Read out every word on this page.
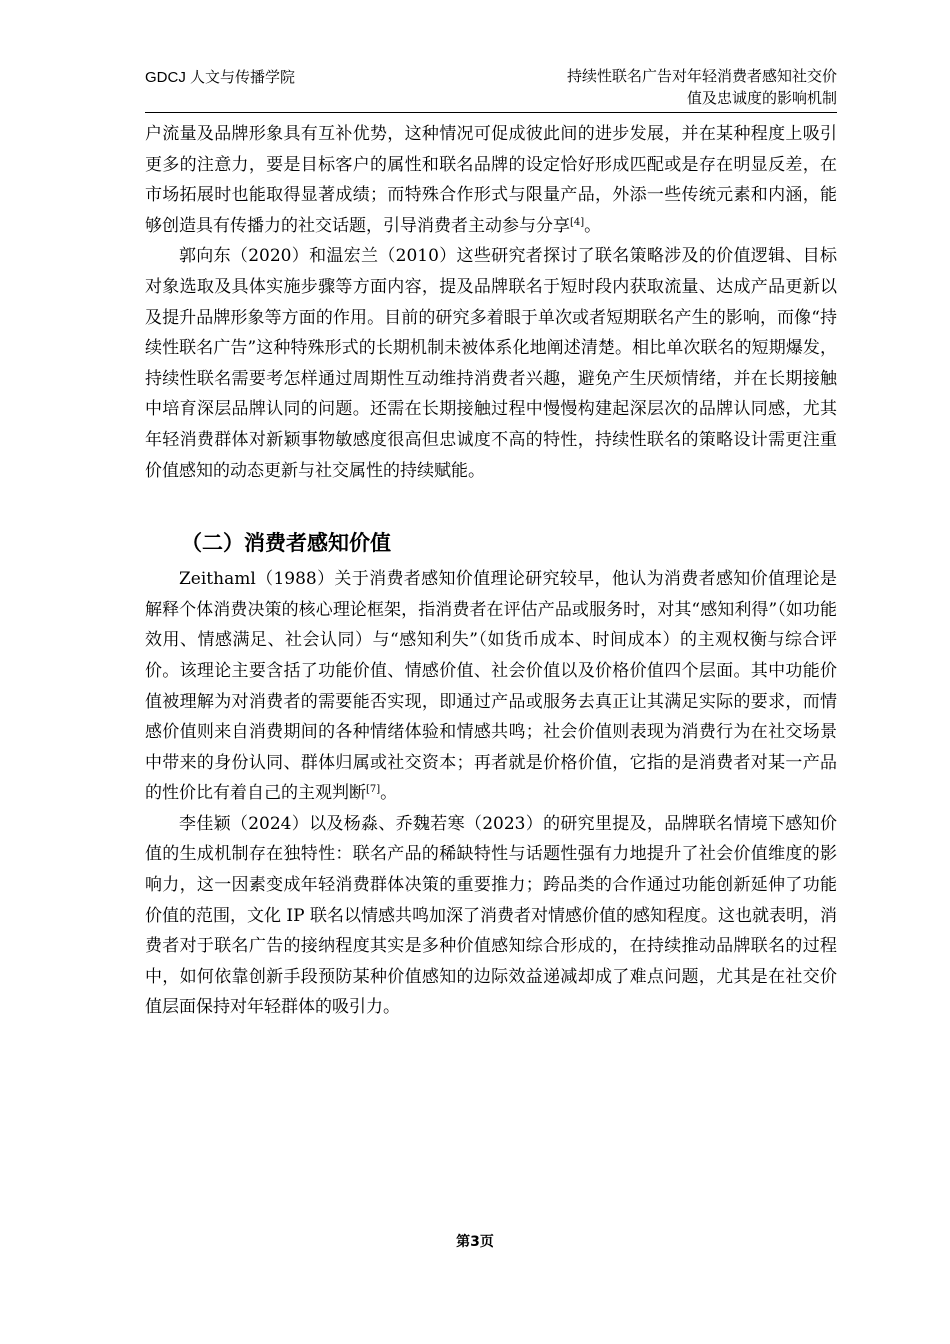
GDCJ 人文与传播学院	持续性联名广告对年轻消费者感知社交价
值及忠诚度的影响机制

户流量及品牌形象具有互补优势，这种情况可促成彼此间的进步发展，并在某种程度上吸引更多的注意力，要是目标客户的属性和联名品牌的设定恰好形成匹配或是存在明显反差，在市场拓展时也能取得显著成绩；而特殊合作形式与限量产品，外添一些传统元素和内涵，能够创造具有传播力的社交话题，引导消费者主动参与分享[4]。

郭向东（2020）和温宏兰（2010）这些研究者探讨了联名策略涉及的价值逻辑、目标对象选取及具体实施步骤等方面内容，提及品牌联名于短时段内获取流量、达成产品更新以及提升品牌形象等方面的作用。目前的研究多着眼于单次或者短期联名产生的影响，而像“持续性联名广告”这种特殊形式的长期机制未被体系化地阐述清楚。相比单次联名的短期爆发，持续性联名需要考怎样通过周期性互动维持消费者兴趣，避免产生厌烦情绪，并在长期接触中培育深层品牌认同的问题。还需在长期接触过程中慢慢构建起深层次的品牌认同感，尤其年轻消费群体对新颖事物敏感度很高但忠诚度不高的特性，持续性联名的策略设计需更注重价值感知的动态更新与社交属性的持续赋能。

（二）消费者感知价值

Zeithaml（1988）关于消费者感知价值理论研究较早，他认为消费者感知价值理论是解释个体消费决策的核心理论框架，指消费者在评估产品或服务时，对其“感知利得”（如功能效用、情感满足、社会认同）与“感知利失”（如货币成本、时间成本）的主观权衡与综合评价。该理论主要含括了功能价值、情感价值、社会价值以及价格价值四个层面。其中功能价值被理解为对消费者的需要能否实现，即通过产品或服务去真正让其满足实际的要求，而情感价值则来自消费期间的各种情绪体验和情感共鸣；社会价值则表现为消费行为在社交场景中带来的身份认同、群体归属或社交资本；再者就是价格价值，它指的是消费者对某一产品的性价比有着自己的主观判断[7]。

李佳颖（2024）以及杨淼、乔魏若寒（2023）的研究里提及，品牌联名情境下感知价值的生成机制存在独特性：联名产品的稀缺特性与话题性强有力地提升了社会价值维度的影响力，这一因素变成年轻消费群体决策的重要推力；跨品类的合作通过功能创新延伸了功能价值的范围，文化 IP 联名以情感共鸣加深了消费者对情感价值的感知程度。这也就表明，消费者对于联名广告的接纳程度其实是多种价值感知综合形成的，在持续推动品牌联名的过程中，如何依靠创新手段预防某种价值感知的边际效益递减却成了难点问题，尤其是在社交价值层面保持对年轻群体的吸引力。

第3页
